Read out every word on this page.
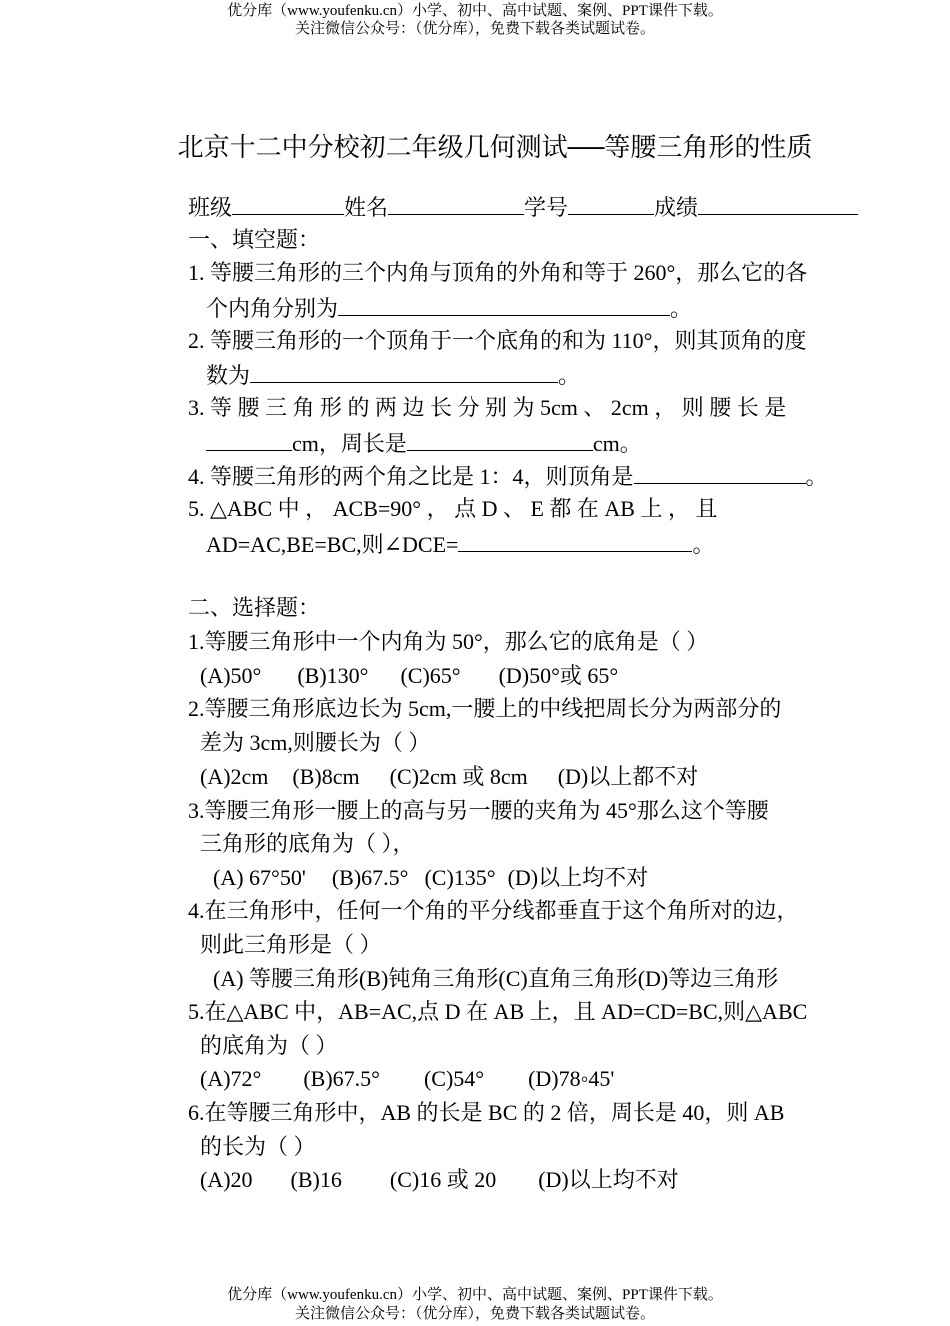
优分库（www.youfenku.cn）小学、初中、高中试题、案例、PPT课件下载。
关注微信公众号：（优分库），免费下载各类试题试卷。
北京十二中分校初二年级几何测试──等腰三角形的性质
班级	姓名	学号	成绩
一、填空题：
1. 等腰三角形的三个内角与顶角的外角和等于 260°，那么它的各
个内角分别为	。
2. 等腰三角形的一个顶角于一个底角的和为 110°，则其顶角的度
数为	。
3. 等 腰 三 角 形 的 两 边 长 分 别 为 5cm 、 2cm ， 则 腰 长 是
cm，周长是	cm。
4. 等腰三角形的两个角之比是 1：4，则顶角是	。
5. △ABC 中 ， ACB=90° ， 点 D 、 E 都 在 AB 上 ， 且
AD=AC,BE=BC,则∠DCE=	。
二、选择题：
1.等腰三角形中一个内角为 50°，那么它的底角是（ ）
(A)50° (B)130° (C)65° (D)50°或 65°
2.等腰三角形底边长为 5cm,一腰上的中线把周长分为两部分的
差为 3cm,则腰长为（ ）
(A)2cm (B)8cm (C)2cm 或 8cm (D)以上都不对
3.等腰三角形一腰上的高与另一腰的夹角为 45°那么这个等腰
三角形的底角为（ ），
(A) 67°50' (B)67.5° (C)135° (D)以上均不对
4.在三角形中，任何一个角的平分线都垂直于这个角所对的边，
则此三角形是（ ）
(A) 等腰三角形(B)钝角三角形(C)直角三角形(D)等边三角形
5.在△ABC 中，AB=AC,点 D 在 AB 上，且 AD=CD=BC,则△ABC
的底角为（ ）
(A)72° (B)67.5° (C)54° (D)78◦45'
6.在等腰三角形中，AB 的长是 BC 的 2 倍，周长是 40，则 AB
的长为（ ）
(A)20 (B)16 (C)16 或 20 (D)以上均不对
优分库（www.youfenku.cn）小学、初中、高中试题、案例、PPT课件下载。
关注微信公众号：（优分库），免费下载各类试题试卷。
